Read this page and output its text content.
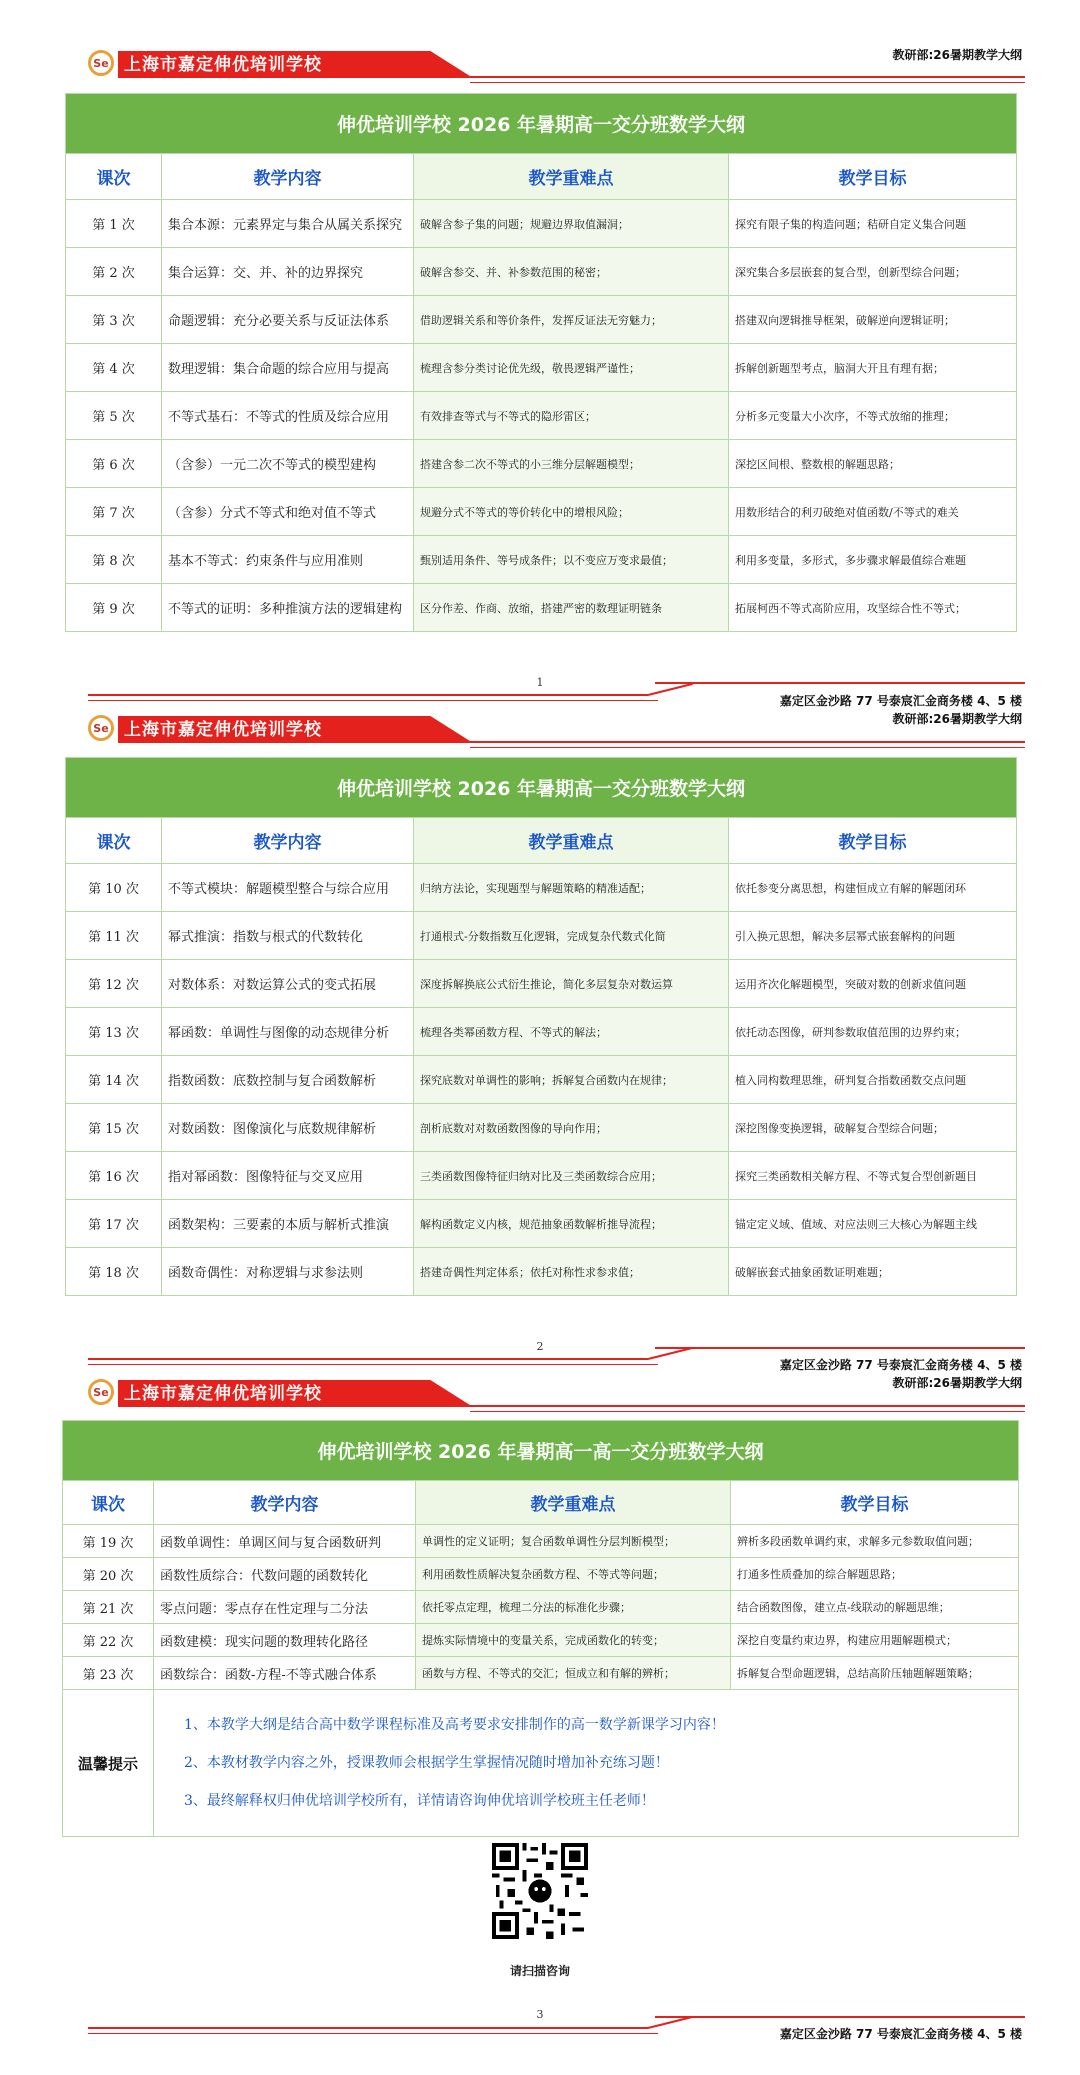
Se 上海市嘉定伸优培训学校	教研部:26暑期教学大纲
伸优培训学校 2026 年暑期高一交分班数学大纲			
课次	教学内容	教学重难点	教学目标
第 1 次	集合本源：元素界定与集合从属关系探究	破解含参子集的问题；规避边界取值漏洞；	探究有限子集的构造问题；秸研自定义集合问题
第 2 次	集合运算：交、并、补的边界探究	破解含参交、并、补参数范围的秘密；	深究集合多层嵌套的复合型，创新型综合问题；
第 3 次	命题逻辑：充分必要关系与反证法体系	借助逻辑关系和等价条件，发挥反证法无穷魅力；	搭建双向逻辑推导框架，破解逆向逻辑证明；
第 4 次	数理逻辑：集合命题的综合应用与提高	梳理含参分类讨论优先级，敬畏逻辑严谨性；	拆解创新题型考点，脑洞大开且有理有据；
第 5 次	不等式基石：不等式的性质及综合应用	有效排查等式与不等式的隐形雷区；	分析多元变量大小次序，不等式放缩的推理；
第 6 次	（含参）一元二次不等式的模型建构	搭建含参二次不等式的小三维分层解题模型；	深挖区间根、整数根的解题思路；
第 7 次	（含参）分式不等式和绝对值不等式	规避分式不等式的等价转化中的增根风险；	用数形结合的利刃破绝对值函数/不等式的难关
第 8 次	基本不等式：约束条件与应用准则	甄别适用条件、等号成条件；以不变应万变求最值；	利用多变量，多形式，多步骤求解最值综合难题
第 9 次	不等式的证明：多种推演方法的逻辑建构	区分作差、作商、放缩，搭建严密的数理证明链条	拓展柯西不等式高阶应用，攻坚综合性不等式；
1
嘉定区金沙路 77 号泰宸汇金商务楼 4、5 楼
Se 上海市嘉定伸优培训学校
教研部:26暑期教学大纲
伸优培训学校 2026 年暑期高一交分班数学大纲			
课次	教学内容	教学重难点	教学目标
第 10 次	不等式模块：解题模型整合与综合应用	归纳方法论，实现题型与解题策略的精准适配；	依托参变分离思想，构建恒成立有解的解题闭环
第 11 次	幂式推演：指数与根式的代数转化	打通根式-分数指数互化逻辑，完成复杂代数式化简	引入换元思想，解决多层幂式嵌套解构的问题
第 12 次	对数体系：对数运算公式的变式拓展	深度拆解换底公式衍生推论，简化多层复杂对数运算	运用齐次化解题模型，突破对数的创新求值问题
第 13 次	幂函数：单调性与图像的动态规律分析	梳理各类幂函数方程、不等式的解法；	依托动态图像，研判参数取值范围的边界约束；
第 14 次	指数函数：底数控制与复合函数解析	探究底数对单调性的影响；拆解复合函数内在规律；	植入同构数理思维，研判复合指数函数交点问题
第 15 次	对数函数：图像演化与底数规律解析	剖析底数对对数函数图像的导向作用；	深挖图像变换逻辑，破解复合型综合问题；
第 16 次	指对幂函数：图像特征与交叉应用	三类函数图像特征归纳对比及三类函数综合应用；	探究三类函数相关解方程、不等式复合型创新题目
第 17 次	函数架构：三要素的本质与解析式推演	解构函数定义内核，规范抽象函数解析推导流程；	锚定定义域、值域、对应法则三大核心为解题主线
第 18 次	函数奇偶性：对称逻辑与求参法则	搭建奇偶性判定体系；依托对称性求参求值；	破解嵌套式抽象函数证明难题；
2
嘉定区金沙路 77 号泰宸汇金商务楼 4、5 楼
Se 上海市嘉定伸优培训学校
教研部:26暑期教学大纲
伸优培训学校 2026 年暑期高一高一交分班数学大纲			
课次	教学内容	教学重难点	教学目标
第 19 次	函数单调性：单调区间与复合函数研判	单调性的定义证明；复合函数单调性分层判断模型；	辨析多段函数单调约束，求解多元参数取值问题；
第 20 次	函数性质综合：代数问题的函数转化	利用函数性质解决复杂函数方程、不等式等问题；	打通多性质叠加的综合解题思路；
第 21 次	零点问题：零点存在性定理与二分法	依托零点定理，梳理二分法的标准化步骤；	结合函数图像，建立点-线联动的解题思维；
第 22 次	函数建模：现实问题的数理转化路径	提炼实际情境中的变量关系，完成函数化的转变；	深挖自变量约束边界，构建应用题解题模式；
第 23 次	函数综合：函数-方程-不等式融合体系	函数与方程、不等式的交汇；恒成立和有解的辨析；	拆解复合型命题逻辑，总结高阶压轴题解题策略；
温馨提示	1、本教学大纲是结合高中数学课程标准及高考要求安排制作的高一数学新课学习内容！
2、本教材教学内容之外，授课教师会根据学生掌握情况随时增加补充练习题！
3、最终解释权归伸优培训学校所有，详情请咨询伸优培训学校班主任老师！		
请扫描咨询
3
嘉定区金沙路 77 号泰宸汇金商务楼 4、5 楼
